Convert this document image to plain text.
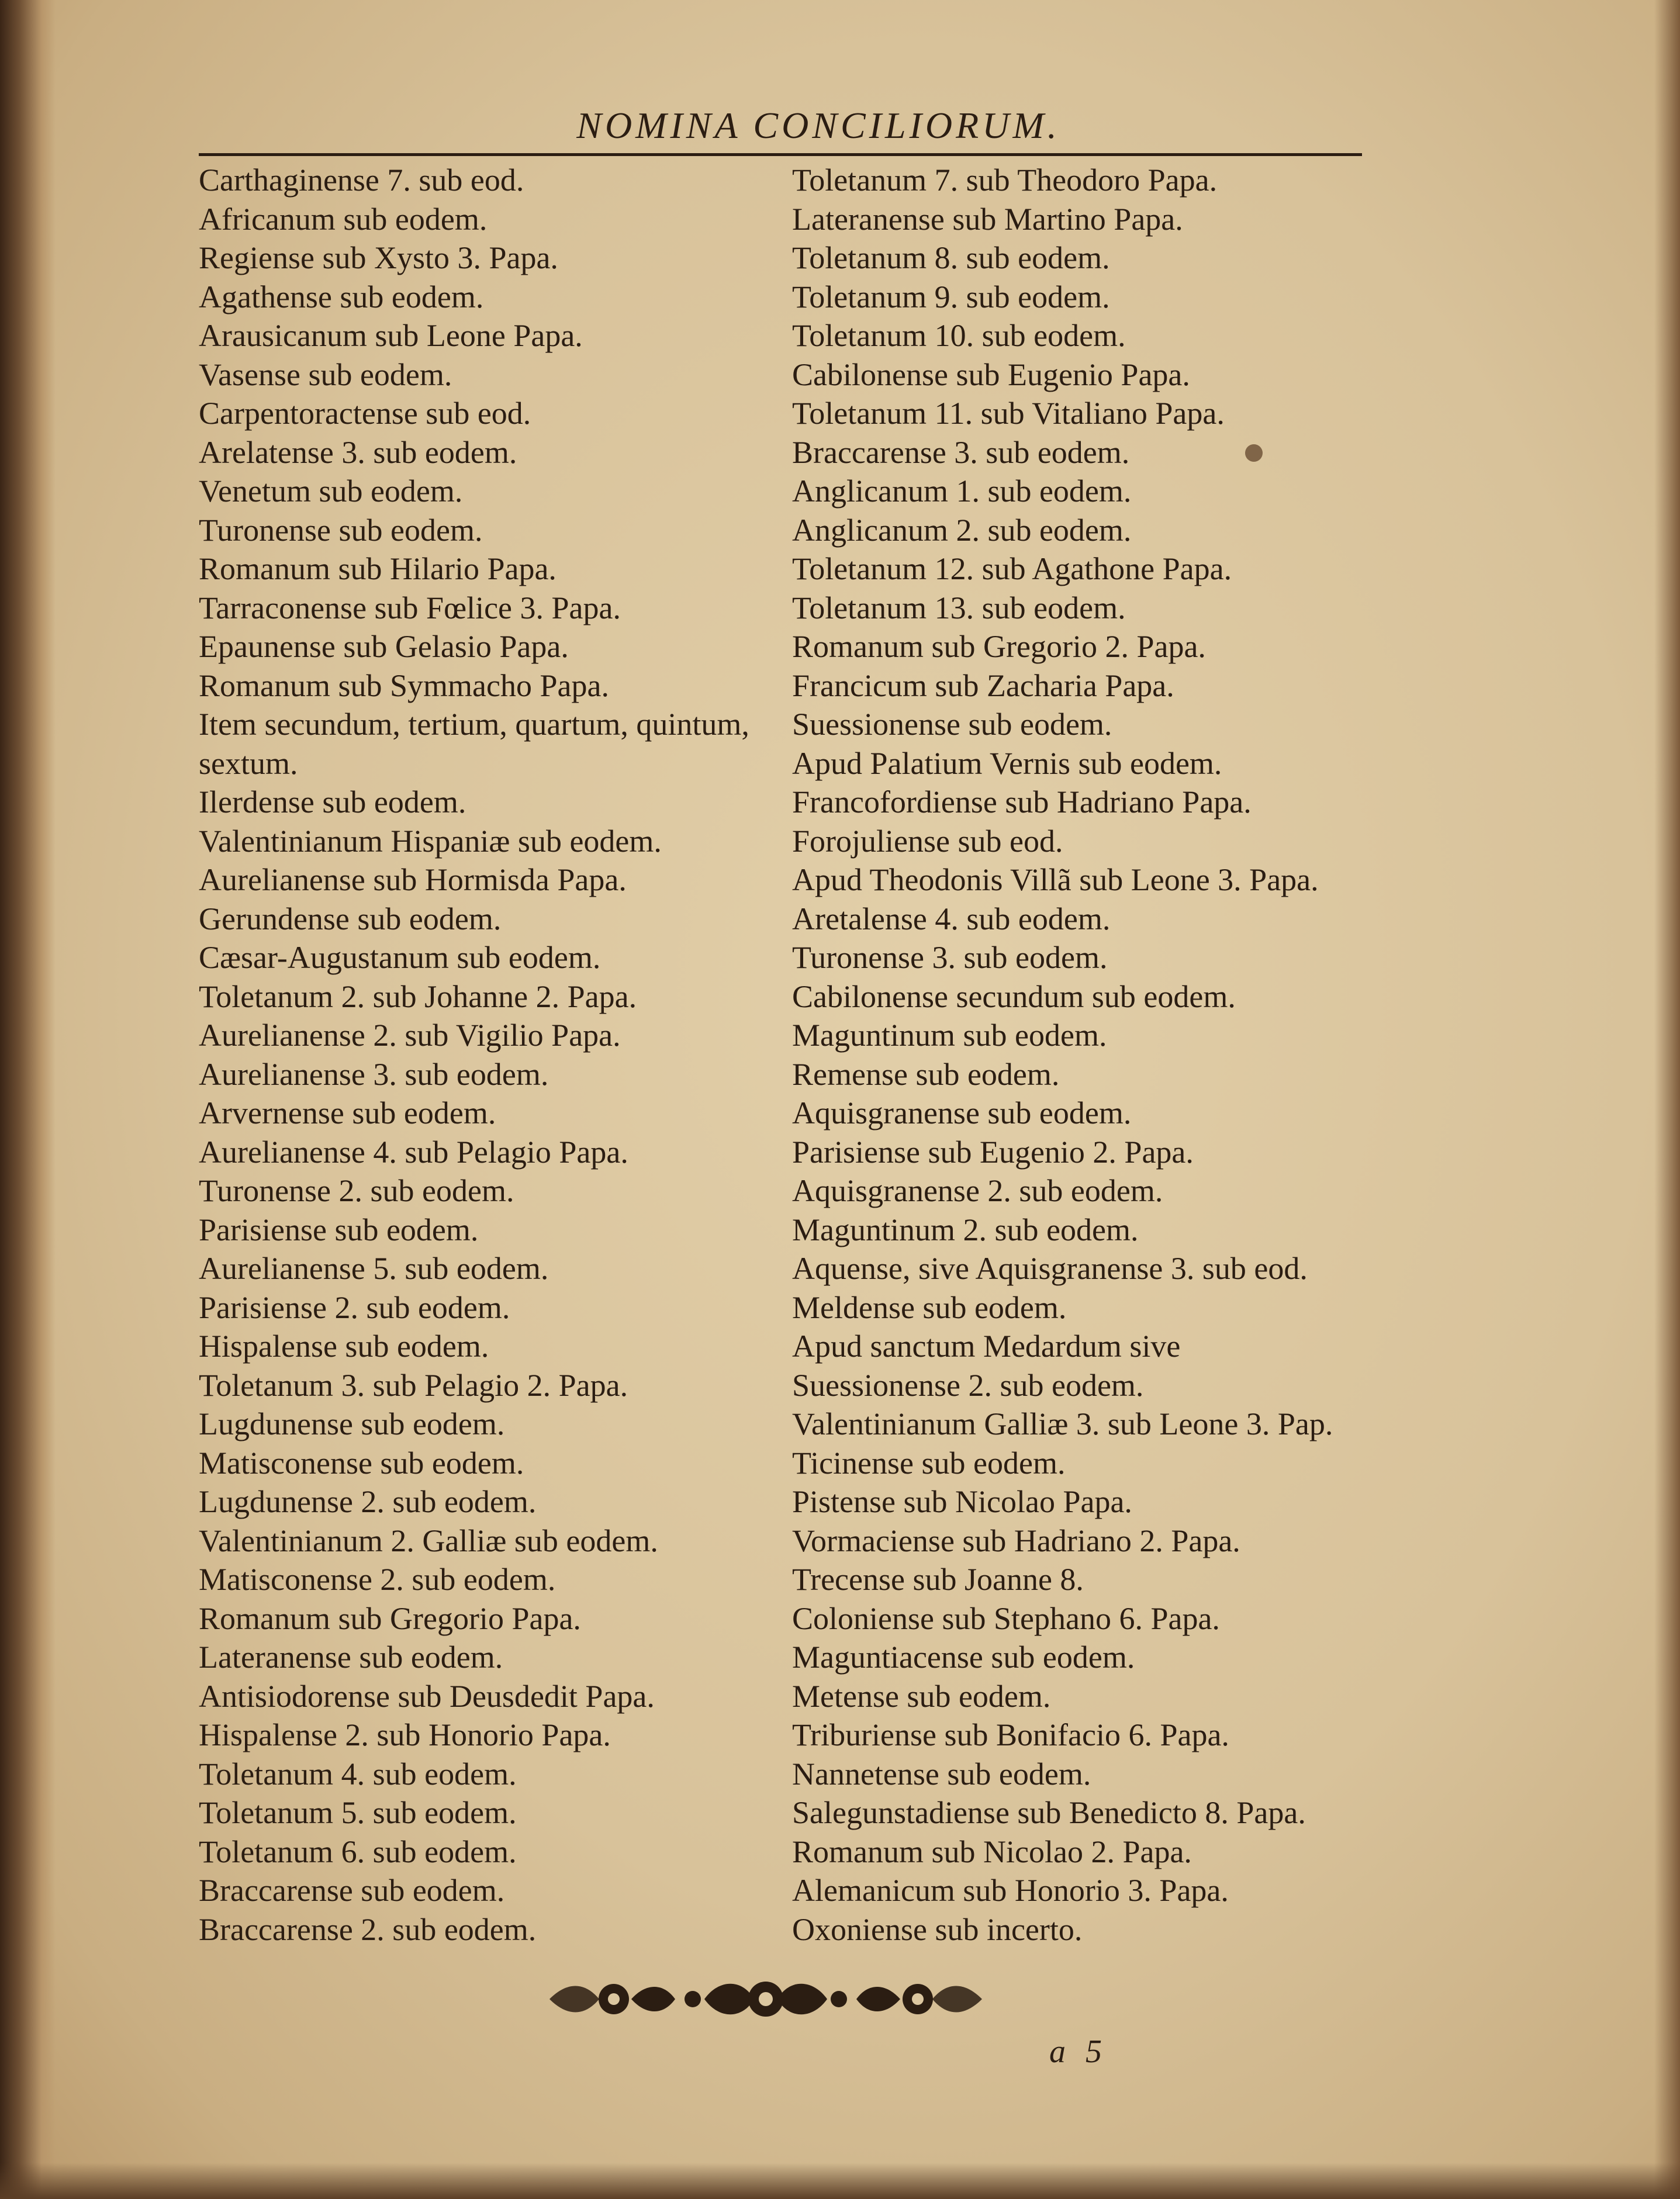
NOMINA CONCILIORUM.
Carthaginense 7. sub eod.
Africanum sub eodem.
Regiense sub Xysto 3. Papa.
Agathense sub eodem.
Arausicanum sub Leone Papa.
Vasense sub eodem.
Carpentoractense sub eod.
Arelatense 3. sub eodem.
Venetum sub eodem.
Turonense sub eodem.
Romanum sub Hilario Papa.
Tarraconense sub Fœlice 3. Papa.
Epaunense sub Gelasio Papa.
Romanum sub Symmacho Papa.
Item secundum, tertium, quartum, quintum, sextum.
Ilerdense sub eodem.
Valentinianum Hispaniæ sub eodem.
Aurelianense sub Hormisda Papa.
Gerundense sub eodem.
Cæsar-Augustanum sub eodem.
Toletanum 2. sub Johanne 2. Papa.
Aurelianense 2. sub Vigilio Papa.
Aurelianense 3. sub eodem.
Arvernense sub eodem.
Aurelianense 4. sub Pelagio Papa.
Turonense 2. sub eodem.
Parisiense sub eodem.
Aurelianense 5. sub eodem.
Parisiense 2. sub eodem.
Hispalense sub eodem.
Toletanum 3. sub Pelagio 2. Papa.
Lugdunense sub eodem.
Matisconense sub eodem.
Lugdunense 2. sub eodem.
Valentinianum 2. Galliæ sub eodem.
Matisconense 2. sub eodem.
Romanum sub Gregorio Papa.
Lateranense sub eodem.
Antisiodorense sub Deusdedit Papa.
Hispalense 2. sub Honorio Papa.
Toletanum 4. sub eodem.
Toletanum 5. sub eodem.
Toletanum 6. sub eodem.
Braccarense sub eodem.
Braccarense 2. sub eodem.
Toletanum 7. sub Theodoro Papa.
Lateranense sub Martino Papa.
Toletanum 8. sub eodem.
Toletanum 9. sub eodem.
Toletanum 10. sub eodem.
Cabilonense sub Eugenio Papa.
Toletanum 11. sub Vitaliano Papa.
Braccarense 3. sub eodem.
Anglicanum 1. sub eodem.
Anglicanum 2. sub eodem.
Toletanum 12. sub Agathone Papa.
Toletanum 13. sub eodem.
Romanum sub Gregorio 2. Papa.
Francicum sub Zacharia Papa.
Suessionense sub eodem.
Apud Palatium Vernis sub eodem.
Francofordiense sub Hadriano Papa.
Forojuliense sub eod.
Apud Theodonis Villã sub Leone 3. Papa.
Aretalense 4. sub eodem.
Turonense 3. sub eodem.
Cabilonense secundum sub eodem.
Maguntinum sub eodem.
Remense sub eodem.
Aquisgranense sub eodem.
Parisiense sub Eugenio 2. Papa.
Aquisgranense 2. sub eodem.
Maguntinum 2. sub eodem.
Aquense, sive Aquisgranense 3. sub eod.
Meldense sub eodem.
Apud sanctum Medardum sive Suessionense 2. sub eodem.
Valentinianum Galliæ 3. sub Leone 3. Pap.
Ticinense sub eodem.
Pistense sub Nicolao Papa.
Vormaciense sub Hadriano 2. Papa.
Trecense sub Joanne 8.
Coloniense sub Stephano 6. Papa.
Maguntiacense sub eodem.
Metense sub eodem.
Triburiense sub Bonifacio 6. Papa.
Nannetense sub eodem.
Salegunstadiense sub Benedicto 8. Papa.
Romanum sub Nicolao 2. Papa.
Alemanicum sub Honorio 3. Papa.
Oxoniense sub incerto.
a 5
